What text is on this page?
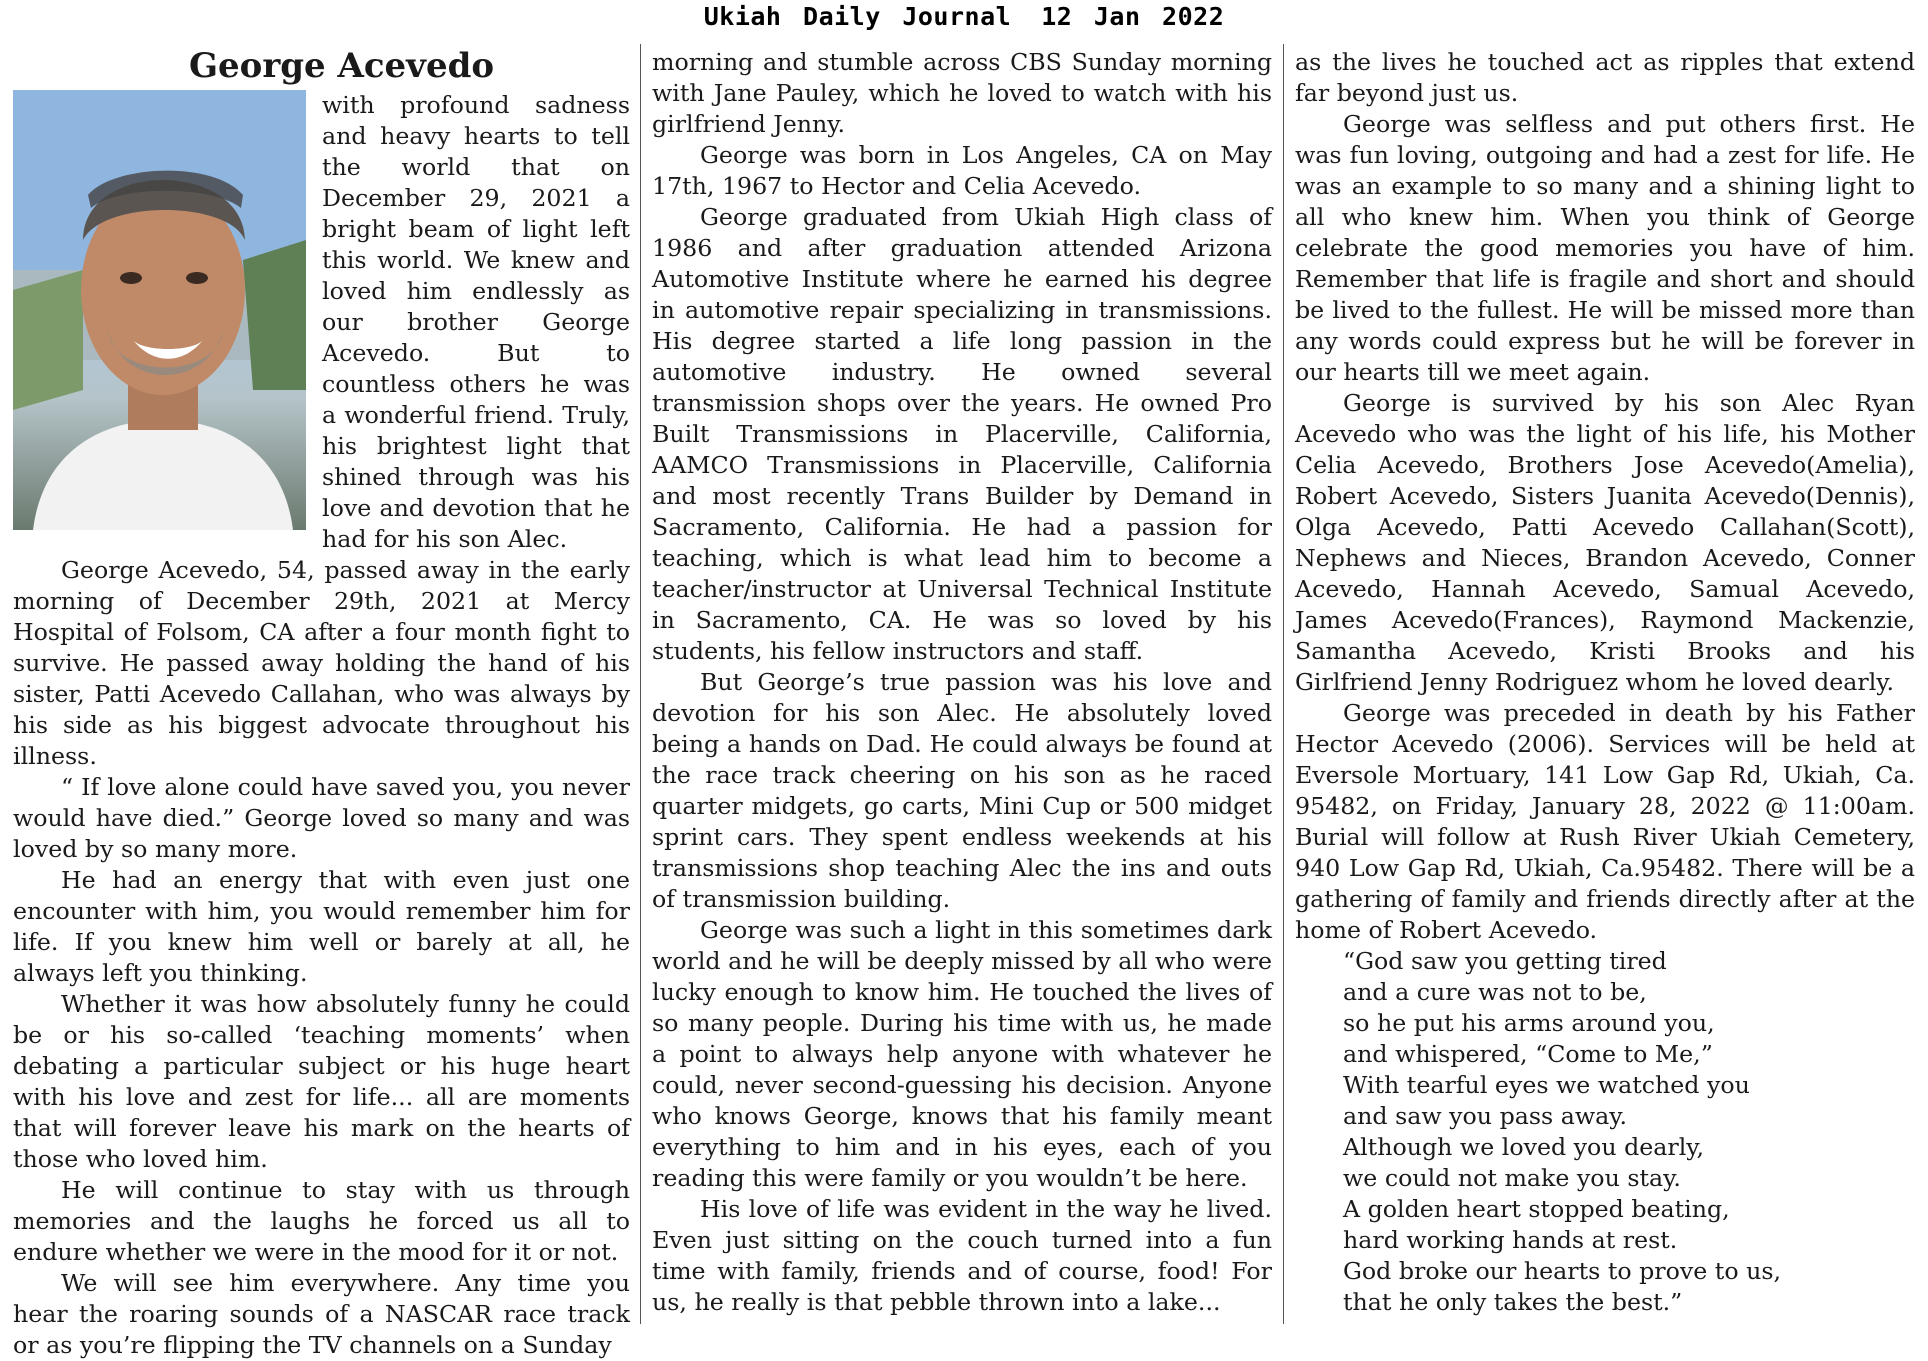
Ukiah Daily Journal 12 Jan 2022
George Acevedo

with profound sadness and heavy hearts to tell the world that on December 29, 2021 a bright beam of light left this world. We knew and loved him endlessly as our brother George Acevedo. But to countless others he was a wonderful friend. Truly, his brightest light that shined through was his love and devotion that he had for his son Alec.

George Acevedo, 54, passed away in the early morning of December 29th, 2021 at Mercy Hospital of Folsom, CA after a four month fight to survive. He passed away holding the hand of his sister, Patti Acevedo Callahan, who was always by his side as his biggest advocate throughout his illness.

“ If love alone could have saved you, you never would have died.” George loved so many and was loved by so many more.

He had an energy that with even just one encounter with him, you would remember him for life. If you knew him well or barely at all, he always left you thinking.

Whether it was how absolutely funny he could be or his so-called ‘teaching moments’ when debating a particular subject or his huge heart with his love and zest for life... all are moments that will forever leave his mark on the hearts of those who loved him.

He will continue to stay with us through memories and the laughs he forced us all to endure whether we were in the mood for it or not.

We will see him everywhere. Any time you hear the roaring sounds of a NASCAR race track or as you’re flipping the TV channels on a Sunday

morning and stumble across CBS Sunday morning with Jane Pauley, which he loved to watch with his girlfriend Jenny.

George was born in Los Angeles, CA on May 17th, 1967 to Hector and Celia Acevedo.

George graduated from Ukiah High class of 1986 and after graduation attended Arizona Automotive Institute where he earned his degree in automotive repair specializing in transmissions. His degree started a life long passion in the automotive industry. He owned several transmission shops over the years. He owned Pro Built Transmissions in Placerville, California, AAMCO Transmissions in Placerville, California and most recently Trans Builder by Demand in Sacramento, California. He had a passion for teaching, which is what lead him to become a teacher/instructor at Universal Technical Institute in Sacramento, CA. He was so loved by his students, his fellow instructors and staff.

But George’s true passion was his love and devotion for his son Alec. He absolutely loved being a hands on Dad. He could always be found at the race track cheering on his son as he raced quarter midgets, go carts, Mini Cup or 500 midget sprint cars. They spent endless weekends at his transmissions shop teaching Alec the ins and outs of transmission building.

George was such a light in this sometimes dark world and he will be deeply missed by all who were lucky enough to know him. He touched the lives of so many people. During his time with us, he made a point to always help anyone with whatever he could, never second-guessing his decision. Anyone who knows George, knows that his family meant everything to him and in his eyes, each of you reading this were family or you wouldn’t be here.

His love of life was evident in the way he lived. Even just sitting on the couch turned into a fun time with family, friends and of course, food! For us, he really is that pebble thrown into a lake...

as the lives he touched act as ripples that extend far beyond just us.

George was selfless and put others first. He was fun loving, outgoing and had a zest for life. He was an example to so many and a shining light to all who knew him. When you think of George celebrate the good memories you have of him. Remember that life is fragile and short and should be lived to the fullest. He will be missed more than any words could express but he will be forever in our hearts till we meet again.

George is survived by his son Alec Ryan Acevedo who was the light of his life, his Mother Celia Acevedo, Brothers Jose Acevedo(Amelia), Robert Acevedo, Sisters Juanita Acevedo(Dennis), Olga Acevedo, Patti Acevedo Callahan(Scott), Nephews and Nieces, Brandon Acevedo, Conner Acevedo, Hannah Acevedo, Samual Acevedo, James Acevedo(Frances), Raymond Mackenzie, Samantha Acevedo, Kristi Brooks and his Girlfriend Jenny Rodriguez whom he loved dearly.

George was preceded in death by his Father Hector Acevedo (2006). Services will be held at Eversole Mortuary, 141 Low Gap Rd, Ukiah, Ca. 95482, on Friday, January 28, 2022 @ 11:00am. Burial will follow at Rush River Ukiah Cemetery, 940 Low Gap Rd, Ukiah, Ca.95482. There will be a gathering of family and friends directly after at the home of Robert Acevedo.

“God saw you getting tired
and a cure was not to be,
so he put his arms around you,
and whispered, “Come to Me,”
With tearful eyes we watched you
and saw you pass away.
Although we loved you dearly,
we could not make you stay.
A golden heart stopped beating,
hard working hands at rest.
God broke our hearts to prove to us,
that he only takes the best.”
